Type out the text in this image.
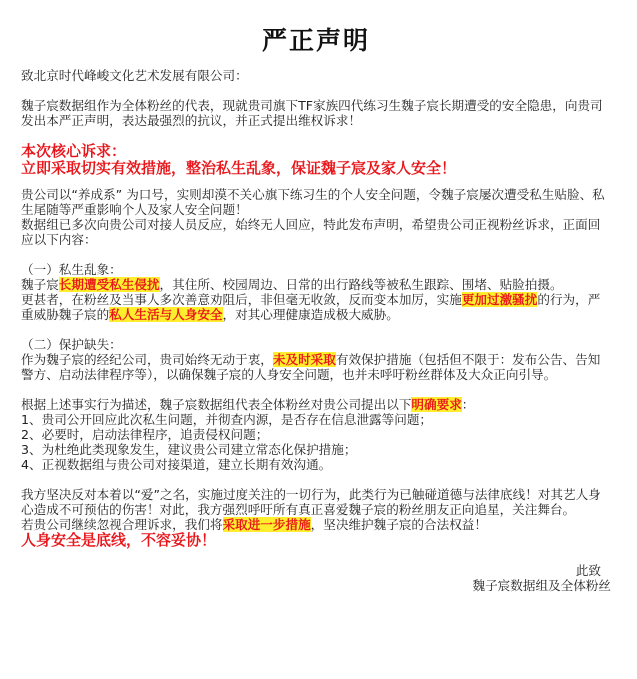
严正声明

致北京时代峰峻文化艺术发展有限公司：

魏子宸数据组作为全体粉丝的代表，现就贵司旗下TF家族四代练习生魏子宸长期遭受的安全隐患，向贵司发出本严正声明，表达最强烈的抗议，并正式提出维权诉求！

本次核心诉求：

立即采取切实有效措施，整治私生乱象，保证魏子宸及家人安全！

贵公司以“养成系” 为口号，实则却漠不关心旗下练习生的个人安全问题，令魏子宸屡次遭受私生贴脸、私生尾随等严重影响个人及家人安全问题！

数据组已多次向贵公司对接人员反应，始终无人回应，特此发布声明，希望贵公司正视粉丝诉求，正面回应以下内容：

（一）私生乱象：

魏子宸长期遭受私生侵扰，其住所、校园周边、日常的出行路线等被私生跟踪、围堵、贴脸拍摄。

更甚者，在粉丝及当事人多次善意劝阻后，非但毫无收敛，反而变本加厉，实施更加过激骚扰的行为，严重威胁魏子宸的私人生活与人身安全，对其心理健康造成极大威胁。

（二）保护缺失：

作为魏子宸的经纪公司，贵司始终无动于衷，未及时采取有效保护措施（包括但不限于：发布公告、告知警方、启动法律程序等），以确保魏子宸的人身安全问题，也并未呼吁粉丝群体及大众正向引导。

根据上述事实行为描述，魏子宸数据组代表全体粉丝对贵公司提出以下明确要求：

1、贵司公开回应此次私生问题，并彻查内源，是否存在信息泄露等问题；
2、必要时，启动法律程序，追责侵权问题；
3、为杜绝此类现象发生，建议贵公司建立常态化保护措施；
4、正视数据组与贵公司对接渠道，建立长期有效沟通。

我方坚决反对本着以“爱”之名，实施过度关注的一切行为，此类行为已触碰道德与法律底线！对其艺人身心造成不可预估的伤害！对此，我方强烈呼吁所有真正喜爱魏子宸的粉丝朋友正向追星，关注舞台。

若贵公司继续忽视合理诉求，我们将采取进一步措施，坚决维护魏子宸的合法权益！

人身安全是底线，不容妥协！

此致

魏子宸数据组及全体粉丝
